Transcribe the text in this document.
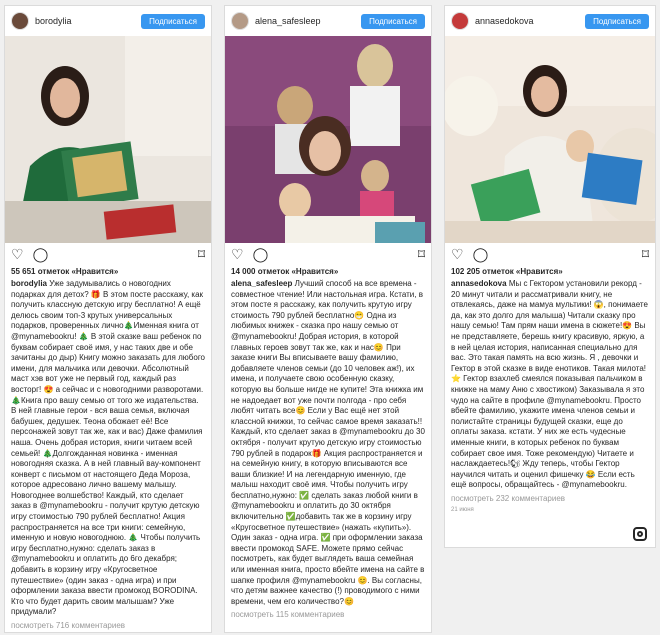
borodylia	Подписаться
♡ ◯	⌑
55 651 отметок «Нравится»
borodylia Уже задумывались о новогодних подарках для детох? 🎁 В этом посте расскажу, как получить классную детскую игру бесплатно! А ещё делюсь своим топ-3 крутых универсальных подарков, проверенных лично🎄Именная книга от @mynamebookru! 🎄 В этой сказке ваш ребенок по буквам собирает своё имя, у нас таких две и обе зачитаны до дыр) Книгу можно заказать для любого имени, для мальчика или девочки. Абсолютный маст хэв вот уже не первый год, каждый раз восторг! 😍 а сейчас и с новогодними разворотами. 🎄Книга про вашу семью от того же издательства. В ней главные герои - вся ваша семья, включая бабушек, дедушек. Теона обожает её! Все персонажей зовут так же, как и вас) Даже фамилия наша. Очень добрая история, книги читаем всей семьей! 🎄Долгожданная новинка - именная новогодняя сказка. А в ней главный вау-компонент конверт с письмом от настоящего Деда Мороза, которое адресовано лично вашему малышу. Новогоднее волшебство! Каждый, кто сделает заказ в @mynamebookru - получит крутую детскую игру стоимостью 790 рублей бесплатно! Акция распространяется на все три книги: семейную, именную и новую новогоднюю. 🎄 Чтобы получить игру бесплатно,нужно: сделать заказ в @mynamebookru и оплатить до 6го декабря; добавить в корзину игру «Кругосветное путешествие» (один заказ - одна игра) и при оформлении заказа ввести промокод BORODINA. Кто что будет дарить своим малышам? Уже придумали?
посмотреть 716 комментариев
alena_safesleep	Подписаться
♡ ◯	⌑
14 000 отметок «Нравится»
alena_safesleep Лучший способ на все времена - совместное чтение! Или настольная игра. Кстати, в этом посте я расскажу, как получить крутую игру стоимость 790 рублей бесплатно😁 Одна из любимых книжек - сказка про нашу семью от @mynamebookru! Добрая история, в которой главных героев зовут так же, как и нас😊 При заказе книги Вы вписываете вашу фамилию, добавляете членов семьи (до 10 человек аж!), их имена, и получаете свою особенную сказку, которую вы больше нигде не купите! Эта книжка им не надоедает вот уже почти полгода - про себя любят читать все😊 Если у Вас ещё нет этой классной книжки, то сейчас самое время заказать!! Каждый, кто сделает заказ в @mynamebookru до 30 октября - получит крутую детскую игру стоимостью 790 рублей в подарок🎁 Акция распространяется и на семейную книгу, в которую вписываются все ваши близкие! И на легендарную именную, где малыш находит своё имя. Чтобы получить игру бесплатно,нужно: ✅ сделать заказ любой книги в @mynamebookru и оплатить до 30 октября включительно ✅добавить так же в корзину игру «Кругосветное путешествие» (нажать «купить»). Один заказ - одна игра. ✅ при оформлении заказа ввести промокод SAFE. Можете прямо сейчас посмотреть, как будет выглядеть ваша семейная или именная книга, просто вбейте имена на сайте в шапке профиля @mynamebookru 😊. Вы согласны, что детям важнее качество (!) проводимого с ними времени, чем его количество?😊
посмотреть 115 комментариев
annasedokova	Подписаться
♡ ◯	⌑
102 205 отметок «Нравится»
annasedokova Мы с Гектором установили рекорд - 20 минут читали и рассматривали книгу, не отвлекаясь, даже на мамуа мультики! 😱, понимаете да, как это долго для малыша) Читали сказку про нашу семью! Там прям наши имена в сюжете!😍 Вы не представляете, берешь книгу красивую, яркую, а в ней целая история, написанная специально для вас. Это такая память на всю жизнь. Я , девочки и Гектор в этой сказке в виде енотиков. Такая милота!⭐ Гектор взахлеб смеялся показывая пальчиком в книжке на маму Аню с хвостиком) Заказывала я это чудо на сайте в профиле @mynamebookru. Просто вбейте фамилию, укажите имена членов семьи и полистайте страницы будущей сказки, еще до оплаты заказа. кстати. У них же есть чудесные именные книги, в которых ребенок по буквам собирает свое имя. Тоже рекомендую) Читаете и наслаждаетесь!🐿 Жду теперь, чтобы Гектор научился читать и оценил фишечку 😂 Если есть ещё вопросы, обращайтесь - @mynamebookru.
посмотреть 232 комментариев
21 июня
